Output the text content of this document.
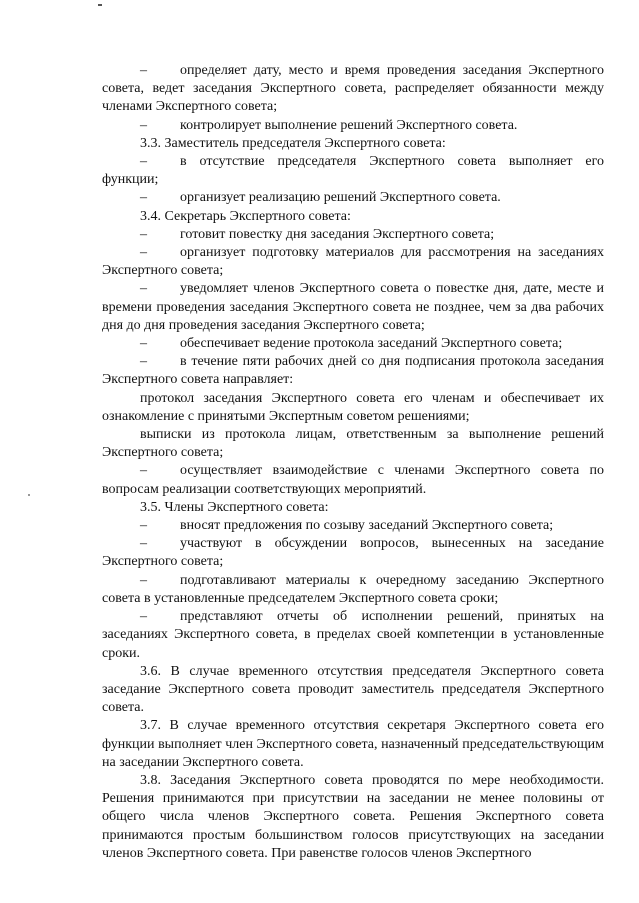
– определяет дату, место и время проведения заседания Экспертного совета, ведет заседания Экспертного совета, распределяет обязанности между членами Экспертного совета;

– контролирует выполнение решений Экспертного совета.

3.3. Заместитель председателя Экспертного совета:

– в отсутствие председателя Экспертного совета выполняет его функции;

– организует реализацию решений Экспертного совета.

3.4. Секретарь Экспертного совета:

– готовит повестку дня заседания Экспертного совета;

– организует подготовку материалов для рассмотрения на заседаниях Экспертного совета;

– уведомляет членов Экспертного совета о повестке дня, дате, месте и времени проведения заседания Экспертного совета не позднее, чем за два рабочих дня до дня проведения заседания Экспертного совета;

– обеспечивает ведение протокола заседаний Экспертного совета;

– в течение пяти рабочих дней со дня подписания протокола заседания Экспертного совета направляет:

протокол заседания Экспертного совета его членам и обеспечивает их ознакомление с принятыми Экспертным советом решениями;

выписки из протокола лицам, ответственным за выполнение решений Экспертного совета;

– осуществляет взаимодействие с членами Экспертного совета по вопросам реализации соответствующих мероприятий.

3.5. Члены Экспертного совета:

– вносят предложения по созыву заседаний Экспертного совета;

– участвуют в обсуждении вопросов, вынесенных на заседание Экспертного совета;

– подготавливают материалы к очередному заседанию Экспертного совета в установленные председателем Экспертного совета сроки;

– представляют отчеты об исполнении решений, принятых на заседаниях Экспертного совета, в пределах своей компетенции в установленные сроки.

3.6. В случае временного отсутствия председателя Экспертного совета заседание Экспертного совета проводит заместитель председателя Экспертного совета.

3.7. В случае временного отсутствия секретаря Экспертного совета его функции выполняет член Экспертного совета, назначенный председательствующим на заседании Экспертного совета.

3.8. Заседания Экспертного совета проводятся по мере необходимости. Решения принимаются при присутствии на заседании не менее половины от общего числа членов Экспертного совета. Решения Экспертного совета принимаются простым большинством голосов присутствующих на заседании членов Экспертного совета. При равенстве голосов членов Экспертного
